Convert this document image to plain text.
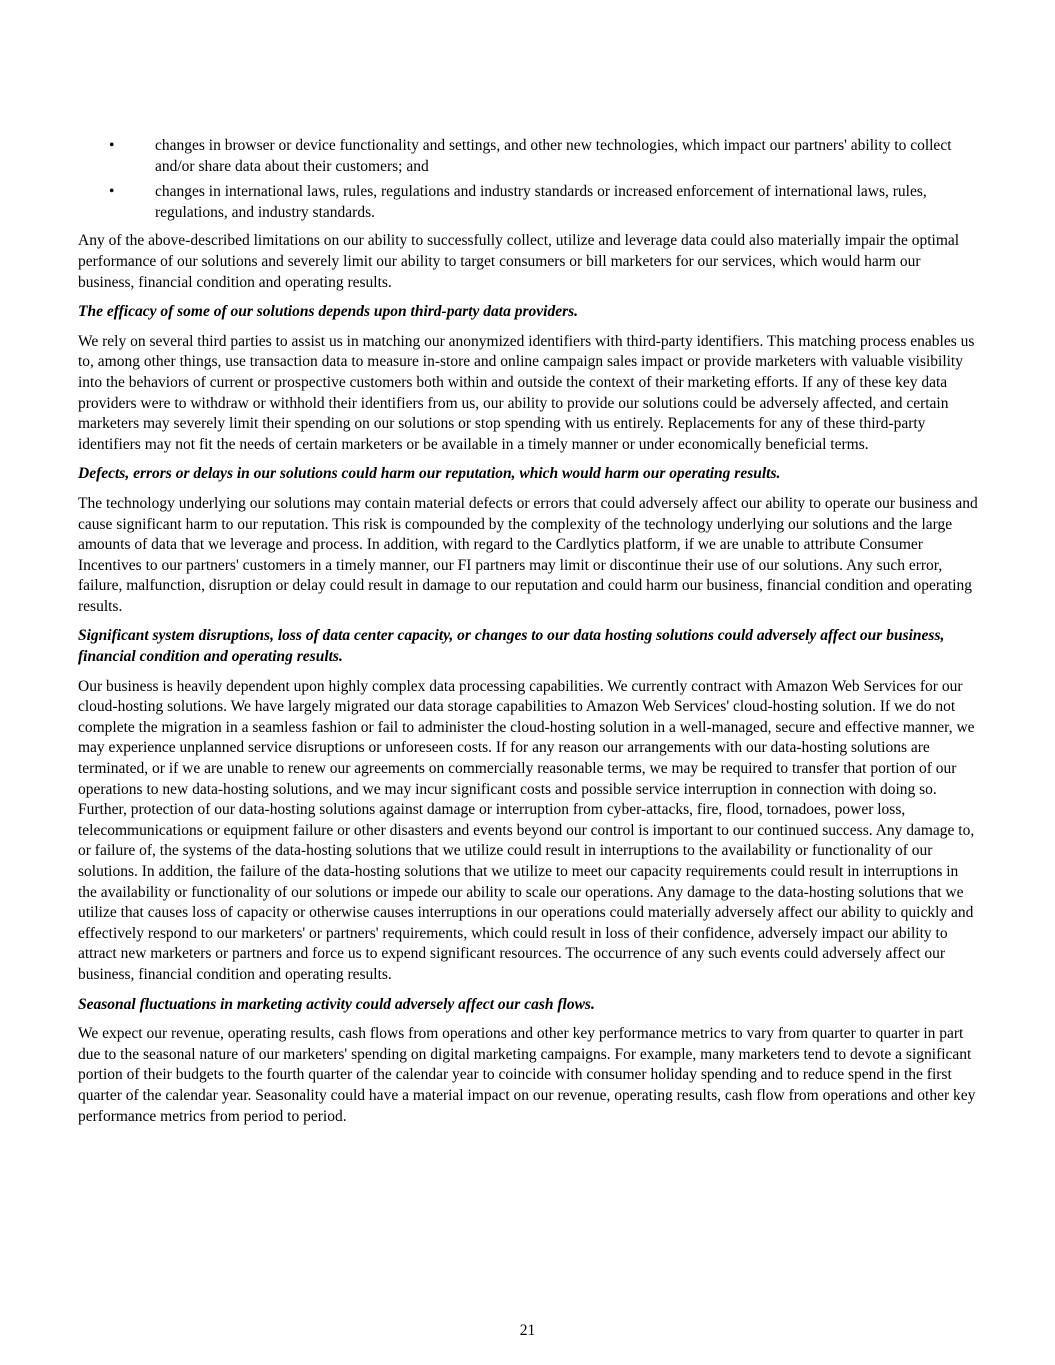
•	changes in browser or device functionality and settings, and other new technologies, which impact our partners' ability to collect and/or share data about their customers; and
•	changes in international laws, rules, regulations and industry standards or increased enforcement of international laws, rules, regulations, and industry standards.

Any of the above-described limitations on our ability to successfully collect, utilize and leverage data could also materially impair the optimal performance of our solutions and severely limit our ability to target consumers or bill marketers for our services, which would harm our business, financial condition and operating results.

The efficacy of some of our solutions depends upon third-party data providers.

We rely on several third parties to assist us in matching our anonymized identifiers with third-party identifiers. This matching process enables us to, among other things, use transaction data to measure in-store and online campaign sales impact or provide marketers with valuable visibility into the behaviors of current or prospective customers both within and outside the context of their marketing efforts. If any of these key data providers were to withdraw or withhold their identifiers from us, our ability to provide our solutions could be adversely affected, and certain marketers may severely limit their spending on our solutions or stop spending with us entirely. Replacements for any of these third-party identifiers may not fit the needs of certain marketers or be available in a timely manner or under economically beneficial terms.

Defects, errors or delays in our solutions could harm our reputation, which would harm our operating results.

The technology underlying our solutions may contain material defects or errors that could adversely affect our ability to operate our business and cause significant harm to our reputation. This risk is compounded by the complexity of the technology underlying our solutions and the large amounts of data that we leverage and process. In addition, with regard to the Cardlytics platform, if we are unable to attribute Consumer Incentives to our partners' customers in a timely manner, our FI partners may limit or discontinue their use of our solutions. Any such error, failure, malfunction, disruption or delay could result in damage to our reputation and could harm our business, financial condition and operating results.

Significant system disruptions, loss of data center capacity, or changes to our data hosting solutions could adversely affect our business, financial condition and operating results.

Our business is heavily dependent upon highly complex data processing capabilities. We currently contract with Amazon Web Services for our cloud-hosting solutions. We have largely migrated our data storage capabilities to Amazon Web Services' cloud-hosting solution. If we do not complete the migration in a seamless fashion or fail to administer the cloud-hosting solution in a well-managed, secure and effective manner, we may experience unplanned service disruptions or unforeseen costs. If for any reason our arrangements with our data-hosting solutions are terminated, or if we are unable to renew our agreements on commercially reasonable terms, we may be required to transfer that portion of our operations to new data-hosting solutions, and we may incur significant costs and possible service interruption in connection with doing so. Further, protection of our data-hosting solutions against damage or interruption from cyber-attacks, fire, flood, tornadoes, power loss, telecommunications or equipment failure or other disasters and events beyond our control is important to our continued success. Any damage to, or failure of, the systems of the data-hosting solutions that we utilize could result in interruptions to the availability or functionality of our solutions. In addition, the failure of the data-hosting solutions that we utilize to meet our capacity requirements could result in interruptions in the availability or functionality of our solutions or impede our ability to scale our operations. Any damage to the data-hosting solutions that we utilize that causes loss of capacity or otherwise causes interruptions in our operations could materially adversely affect our ability to quickly and effectively respond to our marketers' or partners' requirements, which could result in loss of their confidence, adversely impact our ability to attract new marketers or partners and force us to expend significant resources. The occurrence of any such events could adversely affect our business, financial condition and operating results.

Seasonal fluctuations in marketing activity could adversely affect our cash flows.

We expect our revenue, operating results, cash flows from operations and other key performance metrics to vary from quarter to quarter in part due to the seasonal nature of our marketers' spending on digital marketing campaigns. For example, many marketers tend to devote a significant portion of their budgets to the fourth quarter of the calendar year to coincide with consumer holiday spending and to reduce spend in the first quarter of the calendar year. Seasonality could have a material impact on our revenue, operating results, cash flow from operations and other key performance metrics from period to period.

21
